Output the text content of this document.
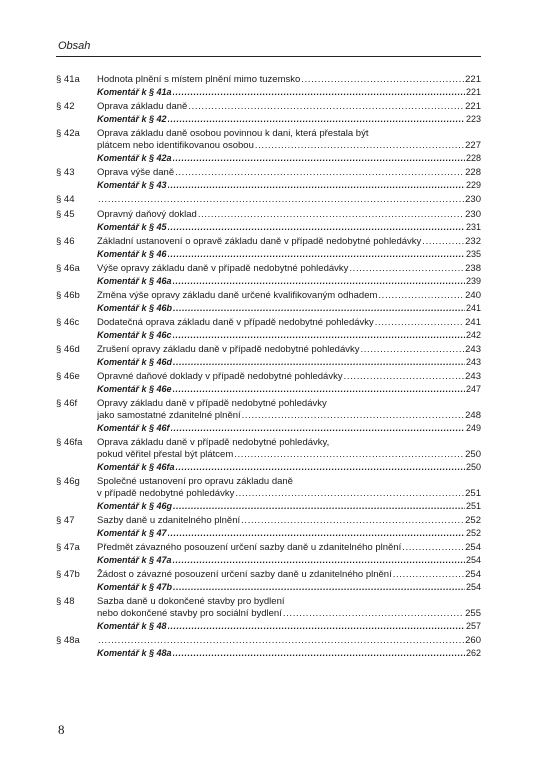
Obsah
§ 41a	Hodnota plnění s místem plnění mimo tuzemsko . . .	221
Komentář k § 41a . . .	221
§ 42	Oprava základu daně . . .	221
Komentář k § 42 . . .	223
§ 42a	Oprava základu daně osobou povinnou k dani, která přestala být
plátcem nebo identifikovanou osobou . . .	227
Komentář k § 42a . . .	228
§ 43	Oprava výše daně . . .	228
Komentář k § 43 . . .	229
§ 44 . . .	230
§ 45	Opravný daňový doklad . . .	230
Komentář k § 45 . . .	231
§ 46	Základní ustanovení o opravě základu daně v případě nedobytné pohledávky . . .	232
Komentář k § 46 . . .	235
§ 46a	Výše opravy základu daně v případě nedobytné pohledávky . . .	238
Komentář k § 46a . . .	239
§ 46b	Změna výše opravy základu daně určené kvalifikovaným odhadem . . .	240
Komentář k § 46b . . .	241
§ 46c	Dodatečná oprava základu daně v případě nedobytné pohledávky . . .	241
Komentář k § 46c . . .	242
§ 46d	Zrušení opravy základu daně v případě nedobytné pohledávky . . .	243
Komentář k § 46d . . .	243
§ 46e	Opravné daňové doklady v případě nedobytné pohledávky . . .	243
Komentář k § 46e . . .	247
§ 46f	Opravy základu daně v případě nedobytné pohledávky
jako samostatné zdanitelné plnění . . .	248
Komentář k § 46f . . .	249
§ 46fa	Oprava základu daně v případě nedobytné pohledávky,
pokud věřitel přestal být plátcem . . .	250
Komentář k § 46fa . . .	250
§ 46g	Společné ustanovení pro opravu základu daně
v případě nedobytné pohledávky . . .	251
Komentář k § 46g . . .	251
§ 47	Sazby daně u zdanitelného plnění . . .	252
Komentář k § 47 . . .	252
§ 47a	Předmět závazného posouzení určení sazby daně u zdanitelného plnění . . .	254
Komentář k § 47a . . .	254
§ 47b	Žádost o závazné posouzení určení sazby daně u zdanitelného plnění . . .	254
Komentář k § 47b . . .	254
§ 48	Sazba daně u dokončené stavby pro bydlení
nebo dokončené stavby pro sociální bydlení . . .	255
Komentář k § 48 . . .	257
§ 48a . . .	260
Komentář k § 48a . . .	262
8
